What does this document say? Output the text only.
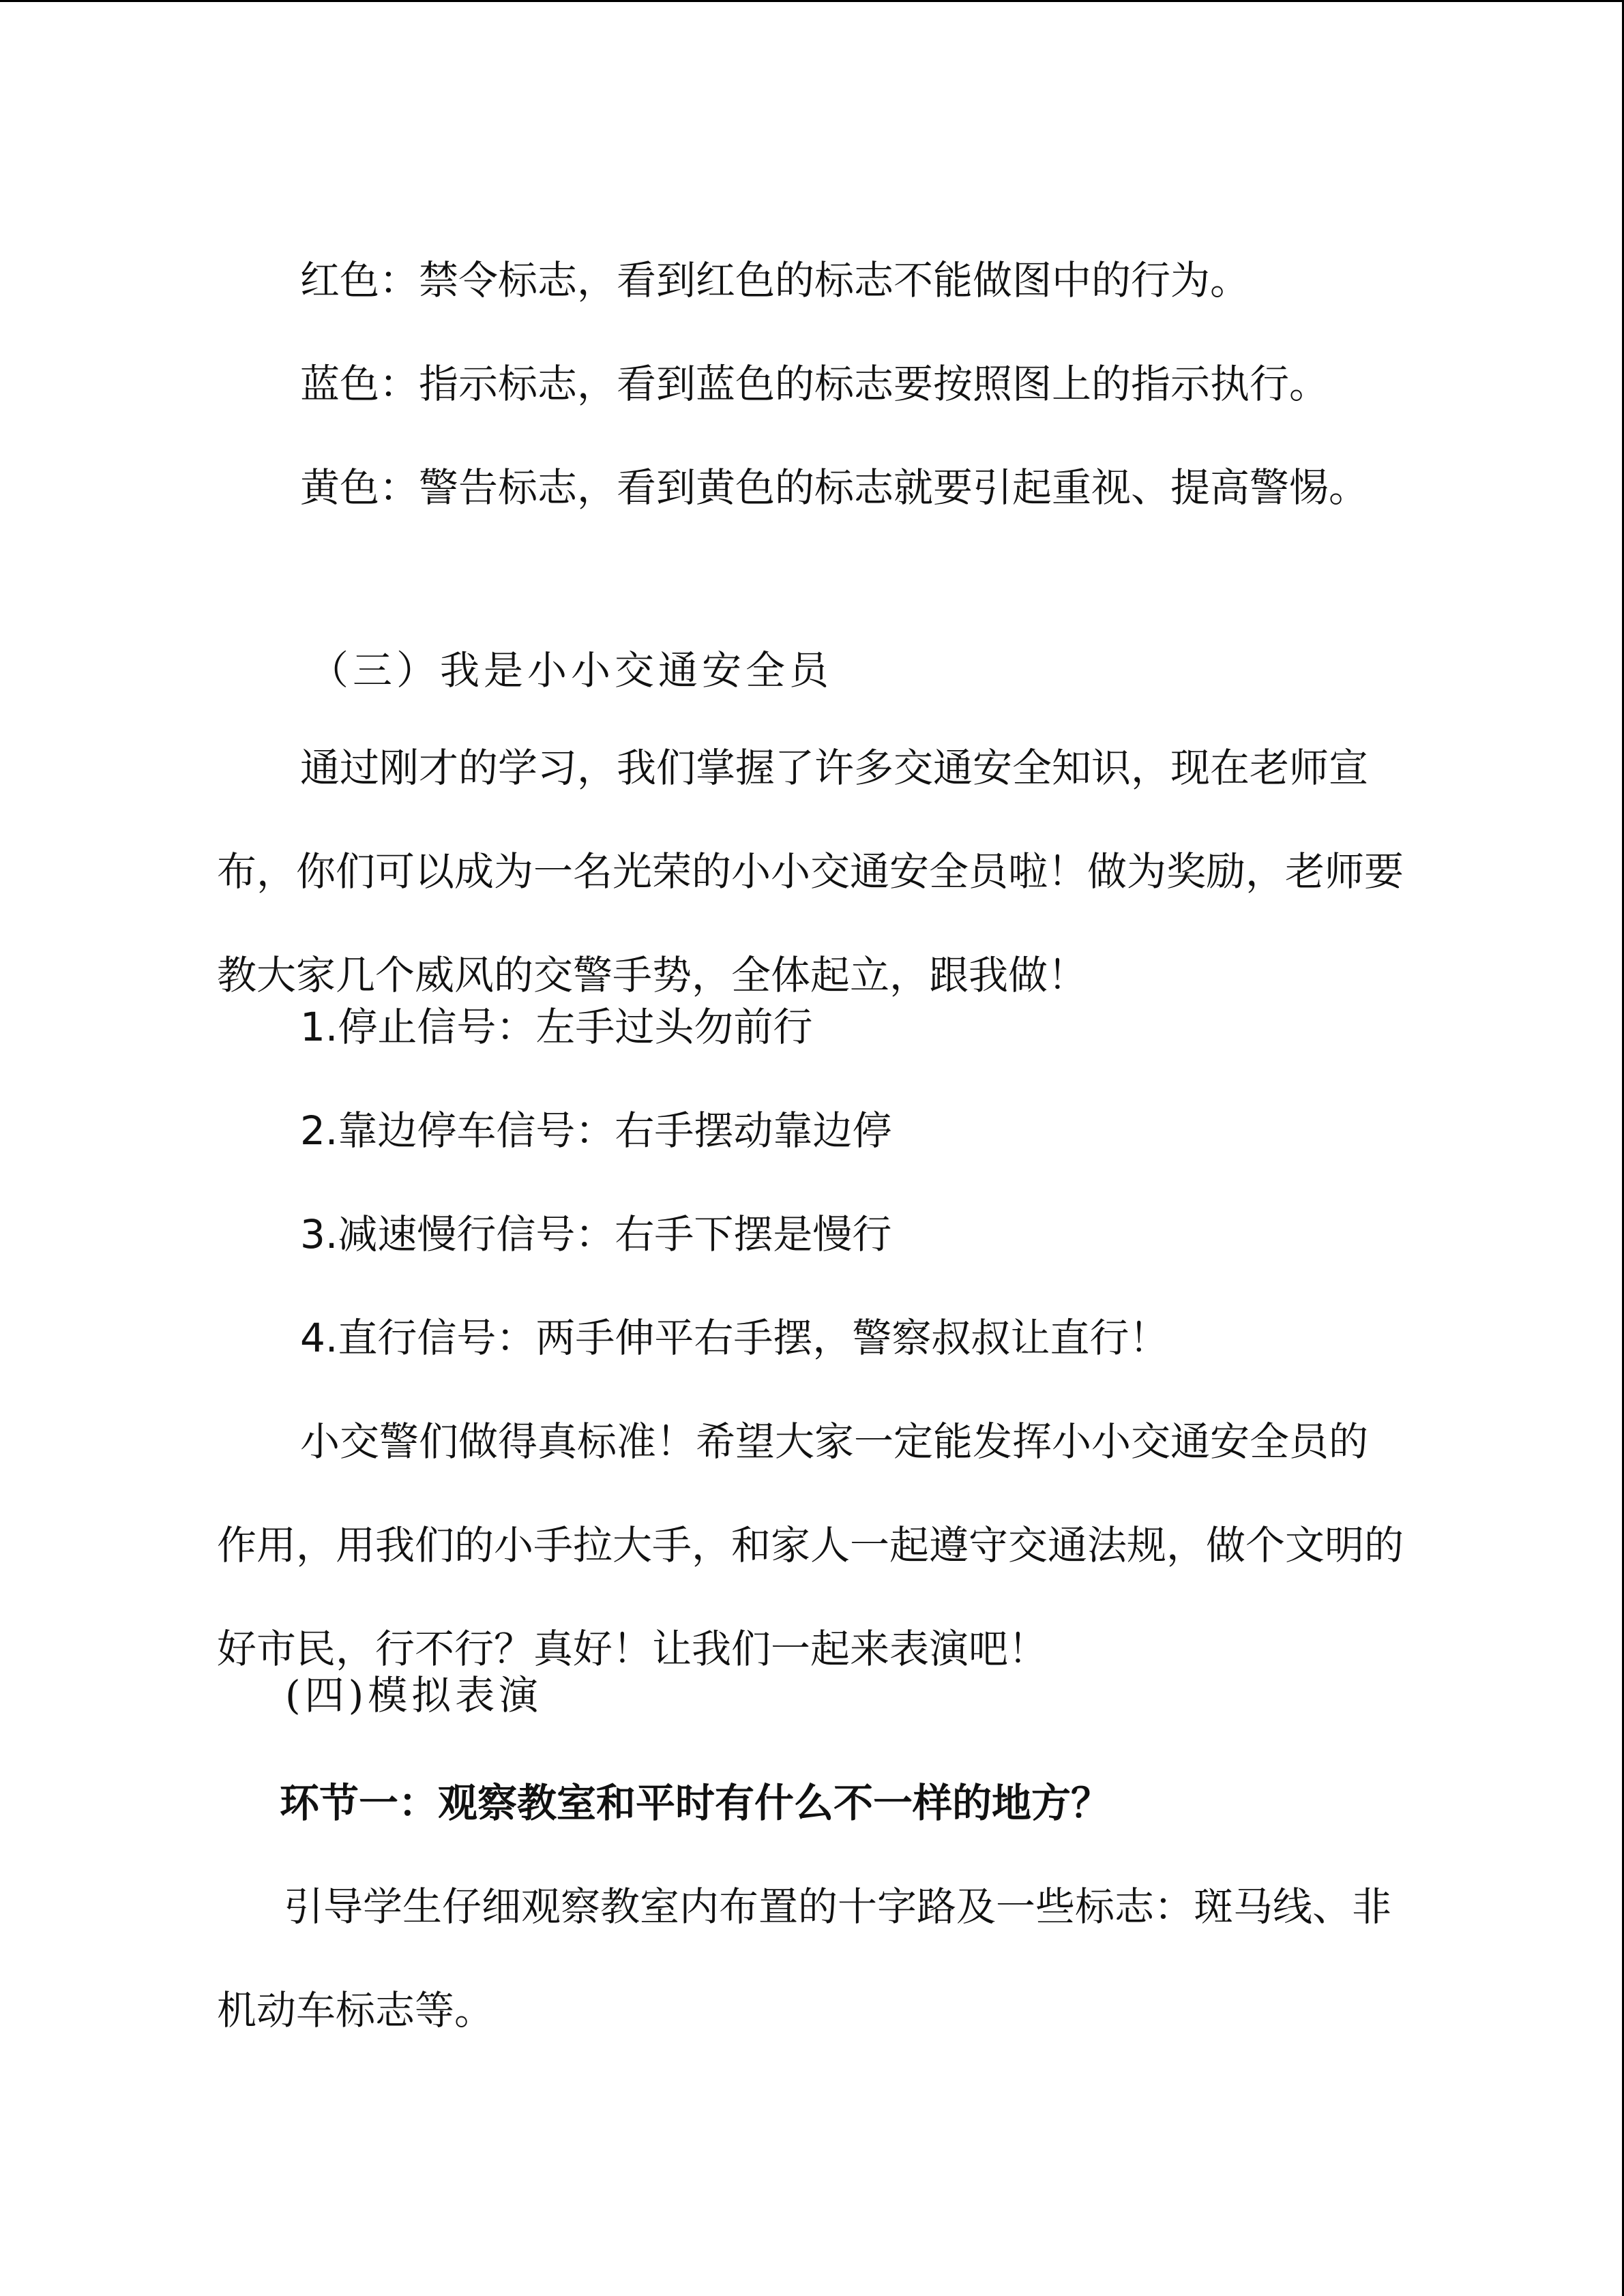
红色：禁令标志，看到红色的标志不能做图中的行为。

蓝色：指示标志，看到蓝色的标志要按照图上的指示执行。

黄色：警告标志，看到黄色的标志就要引起重视、提高警惕。

（三）我是小小交通安全员

通过刚才的学习，我们掌握了许多交通安全知识，现在老师宣布，你们可以成为一名光荣的小小交通安全员啦！做为奖励，老师要教大家几个威风的交警手势，全体起立，跟我做！

1.停止信号：左手过头勿前行

2.靠边停车信号：右手摆动靠边停

3.减速慢行信号：右手下摆是慢行

4.直行信号：两手伸平右手摆，警察叔叔让直行！

小交警们做得真标准！希望大家一定能发挥小小交通安全员的作用，用我们的小手拉大手，和家人一起遵守交通法规，做个文明的好市民，行不行？真好！让我们一起来表演吧！

(四)模拟表演

环节一：观察教室和平时有什么不一样的地方？

引导学生仔细观察教室内布置的十字路及一些标志：斑马线、非机动车标志等。
